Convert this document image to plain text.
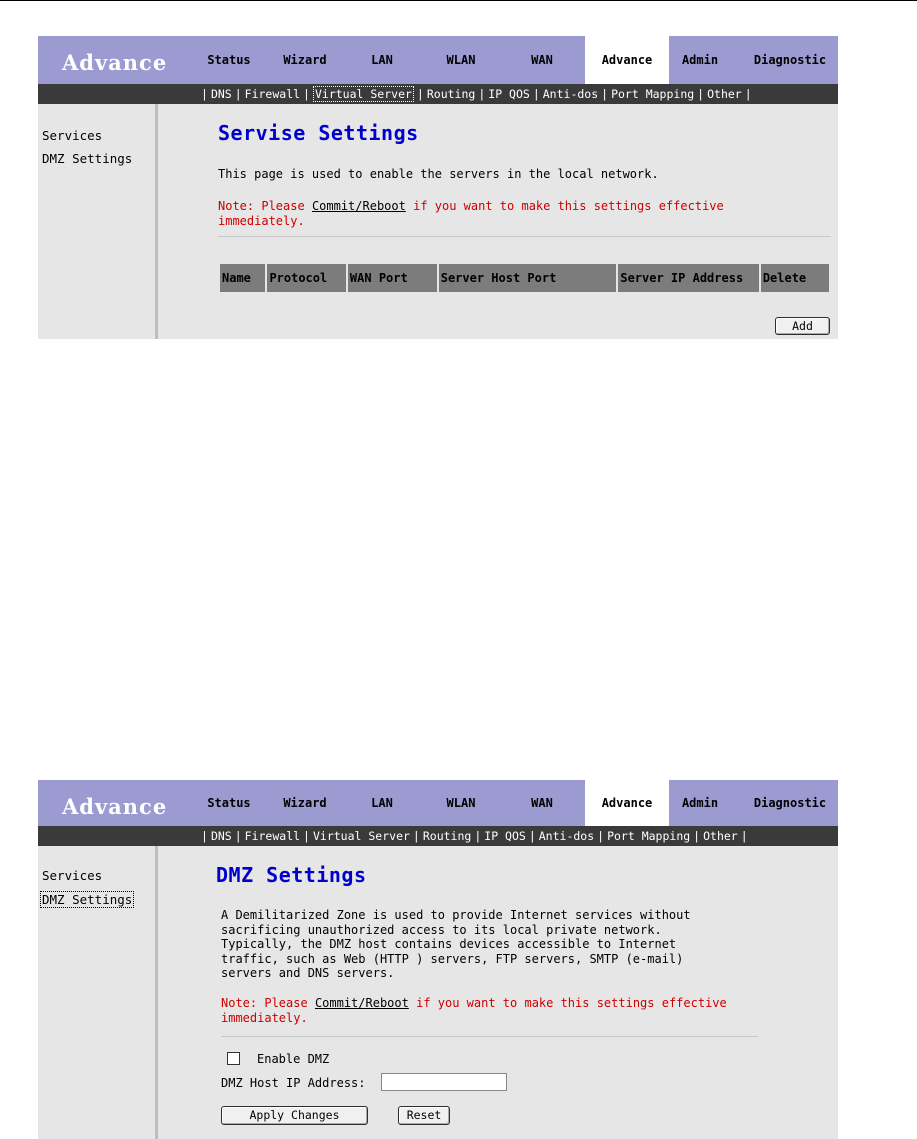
Advance	Status	Wizard	LAN	WLAN	WAN	Advance	Admin	Diagnostic
| DNS | Firewall | Virtual Server | Routing | IP QOS | Anti-dos | Port Mapping | Other |
Services
DMZ Settings
Servise Settings
This page is used to enable the servers in the local network.
Note: Please Commit/Reboot if you want to make this settings effective
immediately.
Name	Protocol	WAN Port	Server Host Port	Server IP Address	Delete
Add
Advance	Status	Wizard	LAN	WLAN	WAN	Advance	Admin	Diagnostic
| DNS | Firewall | Virtual Server | Routing | IP QOS | Anti-dos | Port Mapping | Other |
Services
DMZ Settings
DMZ Settings
A Demilitarized Zone is used to provide Internet services without
sacrificing unauthorized access to its local private network.
Typically, the DMZ host contains devices accessible to Internet
traffic, such as Web (HTTP ) servers, FTP servers, SMTP (e-mail)
servers and DNS servers.
Note: Please Commit/Reboot if you want to make this settings effective
immediately.
Enable DMZ
DMZ Host IP Address:
Apply Changes	Reset
